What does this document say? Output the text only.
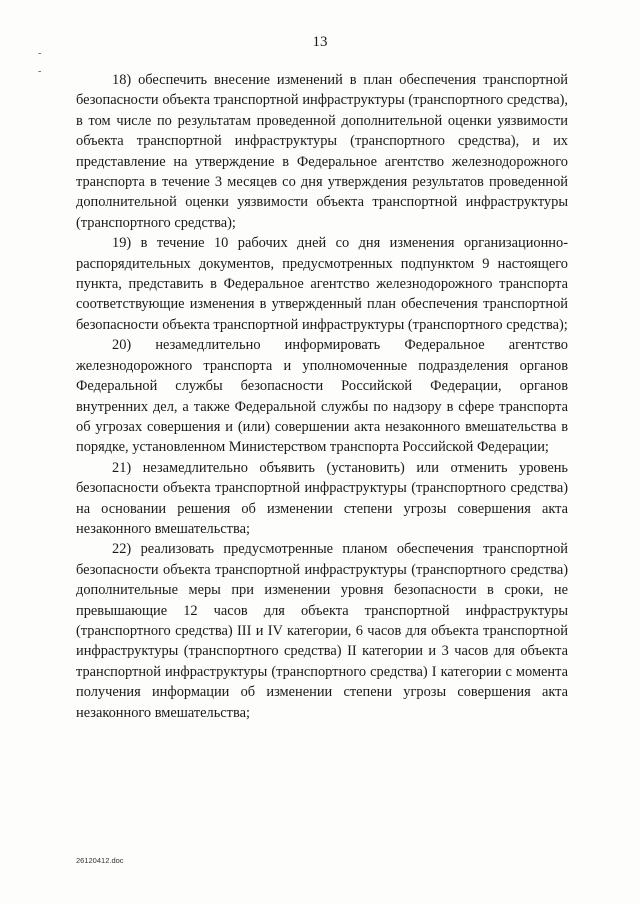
13
-
-

18) обеспечить внесение изменений в план обеспечения транспортной безопасности объекта транспортной инфраструктуры (транспортного средства), в том числе по результатам проведенной дополнительной оценки уязвимости объекта транспортной инфраструктуры (транспортного средства), и их представление на утверждение в Федеральное агентство железнодорожного транспорта в течение 3 месяцев со дня утверждения результатов проведенной дополнительной оценки уязвимости объекта транспортной инфраструктуры (транспортного средства);

19) в течение 10 рабочих дней со дня изменения организационно-распорядительных документов, предусмотренных подпунктом 9 настоящего пункта, представить в Федеральное агентство железнодорожного транспорта соответствующие изменения в утвержденный план обеспечения транспортной безопасности объекта транспортной инфраструктуры (транспортного средства);

20) незамедлительно информировать Федеральное агентство железнодорожного транспорта и уполномоченные подразделения органов Федеральной службы безопасности Российской Федерации, органов внутренних дел, а также Федеральной службы по надзору в сфере транспорта об угрозах совершения и (или) совершении акта незаконного вмешательства в порядке, установленном Министерством транспорта Российской Федерации;

21) незамедлительно объявить (установить) или отменить уровень безопасности объекта транспортной инфраструктуры (транспортного средства) на основании решения об изменении степени угрозы совершения акта незаконного вмешательства;

22) реализовать предусмотренные планом обеспечения транспортной безопасности объекта транспортной инфраструктуры (транспортного средства) дополнительные меры при изменении уровня безопасности в сроки, не превышающие 12 часов для объекта транспортной инфраструктуры (транспортного средства) III и IV категории, 6 часов для объекта транспортной инфраструктуры (транспортного средства) II категории и 3 часов для объекта транспортной инфраструктуры (транспортного средства) I категории с момента получения информации об изменении степени угрозы совершения акта незаконного вмешательства;

26120412.doc
